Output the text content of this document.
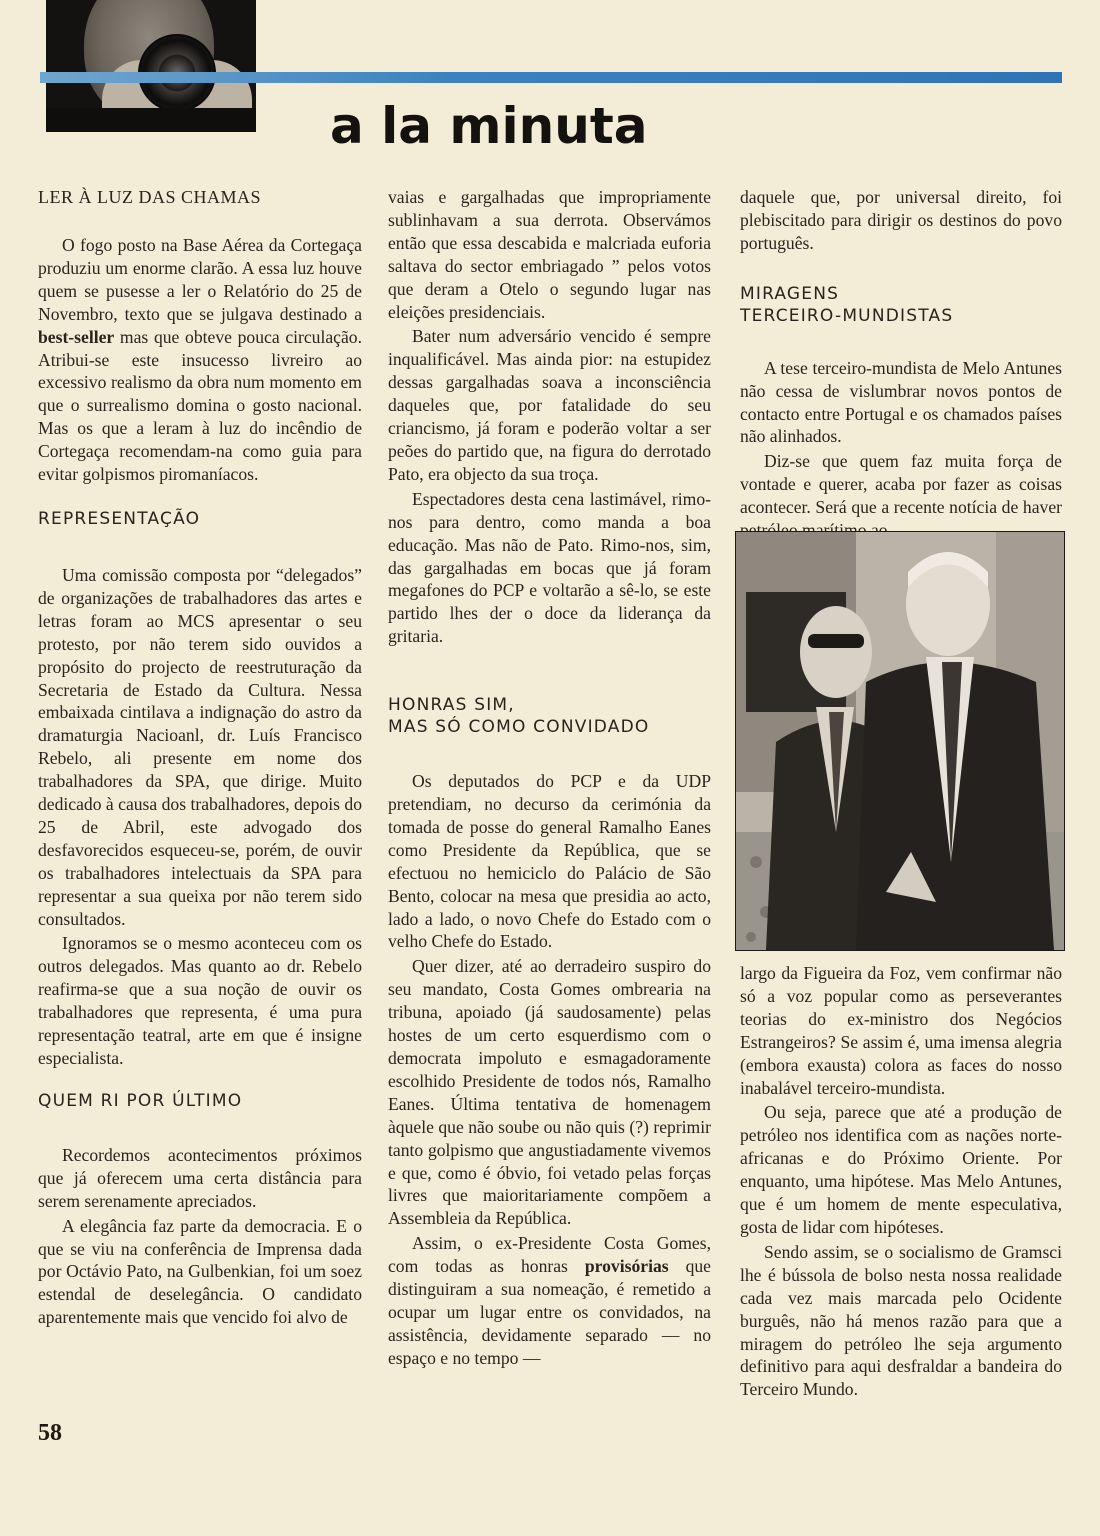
a la minuta
LER À LUZ DAS CHAMAS

O fogo posto na Base Aérea da Cortegaça produziu um enorme clarão. A essa luz houve quem se pusesse a ler o Relatório do 25 de Novembro, texto que se julgava destinado a best-seller mas que obteve pouca circulação. Atribui-se este insucesso livreiro ao excessivo realismo da obra num momento em que o surrealismo domina o gosto nacional. Mas os que a leram à luz do incêndio de Cortegaça recomendam-na como guia para evitar golpismos piromaníacos.

REPRESENTAÇÃO

Uma comissão composta por “delegados” de organizações de trabalhadores das artes e letras foram ao MCS apresentar o seu protesto, por não terem sido ouvidos a propósito do projecto de reestruturação da Secretaria de Estado da Cultura. Nessa embaixada cintilava a indignação do astro da dramaturgia Nacioanl, dr. Luís Francisco Rebelo, ali presente em nome dos trabalhadores da SPA, que dirige. Muito dedicado à causa dos trabalhadores, depois do 25 de Abril, este advogado dos desfavorecidos esqueceu-se, porém, de ouvir os trabalhadores intelectuais da SPA para representar a sua queixa por não terem sido consultados.

Ignoramos se o mesmo aconteceu com os outros delegados. Mas quanto ao dr. Rebelo reafirma-se que a sua noção de ouvir os trabalhadores que representa, é uma pura representação teatral, arte em que é insigne especialista.

QUEM RI POR ÚLTIMO

Recordemos acontecimentos próximos que já oferecem uma certa distância para serem serenamente apreciados.

A elegância faz parte da democracia. E o que se viu na conferência de Imprensa dada por Octávio Pato, na Gulbenkian, foi um soez estendal de deselegância. O candidato aparentemente mais que vencido foi alvo de

vaias e gargalhadas que impropriamente sublinhavam a sua derrota. Observámos então que essa descabida e malcriada euforia saltava do sector embriagado ” pelos votos que deram a Otelo o segundo lugar nas eleições presidenciais.

Bater num adversário vencido é sempre inqualificável. Mas ainda pior: na estupidez dessas gargalhadas soava a inconsciência daqueles que, por fatalidade do seu criancismo, já foram e poderão voltar a ser peões do partido que, na figura do derrotado Pato, era objecto da sua troça.

Espectadores desta cena lastimável, rimo-nos para dentro, como manda a boa educação. Mas não de Pato. Rimo-nos, sim, das gargalhadas em bocas que já foram megafones do PCP e voltarão a sê-lo, se este partido lhes der o doce da liderança da gritaria.

HONRAS SIM,
MAS SÓ COMO CONVIDADO

Os deputados do PCP e da UDP pretendiam, no decurso da cerimónia da tomada de posse do general Ramalho Eanes como Presidente da República, que se efectuou no hemiciclo do Palácio de São Bento, colocar na mesa que presidia ao acto, lado a lado, o novo Chefe do Estado com o velho Chefe do Estado.

Quer dizer, até ao derradeiro suspiro do seu mandato, Costa Gomes ombrearia na tribuna, apoiado (já saudosamente) pelas hostes de um certo esquerdismo com o democrata impoluto e esmagadoramente escolhido Presidente de todos nós, Ramalho Eanes. Última tentativa de homenagem àquele que não soube ou não quis (?) reprimir tanto golpismo que angustiadamente vivemos e que, como é óbvio, foi vetado pelas forças livres que maioritariamente compõem a Assembleia da República.

Assim, o ex-Presidente Costa Gomes, com todas as honras provisórias que distinguiram a sua nomeação, é remetido a ocupar um lugar entre os convidados, na assistência, devidamente separado — no espaço e no tempo —

daquele que, por universal direito, foi plebiscitado para dirigir os destinos do povo português.

MIRAGENS
TERCEIRO-MUNDISTAS

A tese terceiro-mundista de Melo Antunes não cessa de vislumbrar novos pontos de contacto entre Portugal e os chamados países não alinhados.

Diz-se que quem faz muita força de vontade e querer, acaba por fazer as coisas acontecer. Será que a recente notícia de haver

largo da Figueira da Foz, vem confirmar não só a voz popular como as perseverantes teorias do ex-ministro dos Negócios Estrangeiros? Se assim é, uma imensa alegria (embora exausta) colora as faces do nosso inabalável terceiro-mundista.

Ou seja, parece que até a produção de petróleo nos identifica com as nações norte-africanas e do Próximo Oriente. Por enquanto, uma hipótese. Mas Melo Antunes, que é um homem de mente especulativa, gosta de lidar com hipóteses.

Sendo assim, se o socialismo de Gramsci lhe é bússola de bolso nesta nossa realidade cada vez mais marcada pelo Ocidente burguês, não há menos razão para que a miragem do petróleo lhe seja argumento definitivo para aqui desfraldar a bandeira do Terceiro Mundo.

58
